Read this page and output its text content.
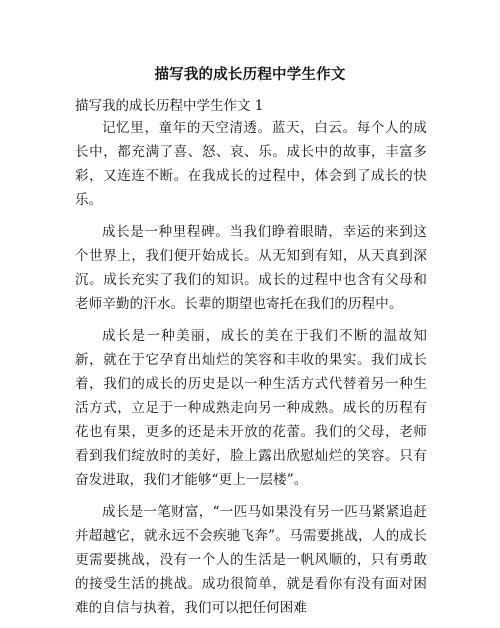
描写我的成长历程中学生作文
描写我的成长历程中学生作文 1

记忆里，童年的天空清透。蓝天，白云。每个人的成长中，都充满了喜、怒、哀、乐。成长中的故事，丰富多彩，又连连不断。在我成长的过程中，体会到了成长的快乐。

成长是一种里程碑。当我们睁着眼睛，幸运的来到这个世界上，我们便开始成长。从无知到有知，从天真到深沉。成长充实了我们的知识。成长的过程中也含有父母和老师辛勤的汗水。长辈的期望也寄托在我们的历程中。

成长是一种美丽，成长的美在于我们不断的温故知新，就在于它孕育出灿烂的笑容和丰收的果实。我们成长着，我们的成长的历史是以一种生活方式代替着另一种生活方式，立足于一种成熟走向另一种成熟。成长的历程有花也有果，更多的还是未开放的花蕾。我们的父母，老师看到我们绽放时的美好，脸上露出欣慰灿烂的笑容。只有奋发进取，我们才能够“更上一层楼”。

成长是一笔财富，“一匹马如果没有另一匹马紧紧追赶并超越它，就永远不会疾驰飞奔”。马需要挑战，人的成长更需要挑战，没有一个人的生活是一帆风顺的，只有勇敢的接受生活的挑战。成功很简单，就是看你有没有面对困难的自信与执着，我们可以把任何困难
